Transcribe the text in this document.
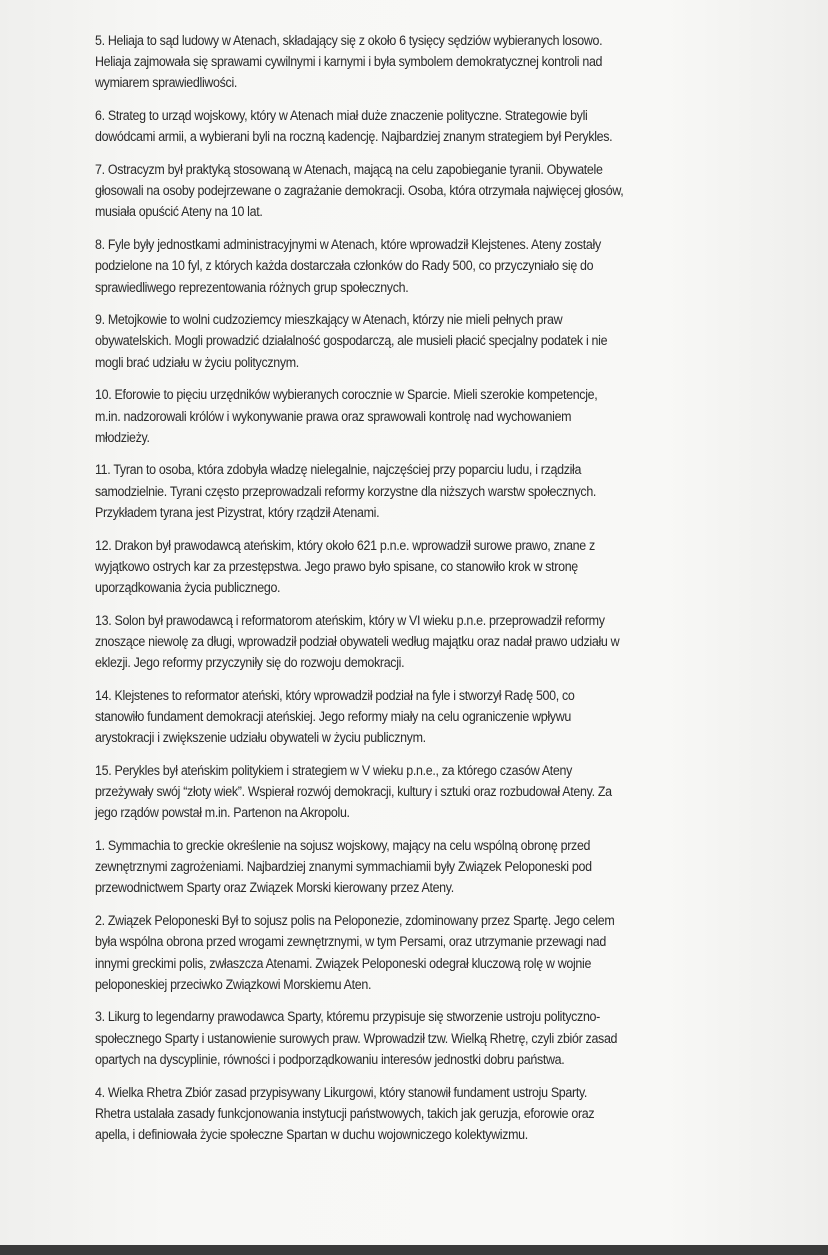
5. Heliaja to sąd ludowy w Atenach, składający się z około 6 tysięcy sędziów wybieranych losowo.
Heliaja zajmowała się sprawami cywilnymi i karnymi i była symbolem demokratycznej kontroli nad
wymiarem sprawiedliwości.

6. Strateg to urząd wojskowy, który w Atenach miał duże znaczenie polityczne. Strategowie byli
dowódcami armii, a wybierani byli na roczną kadencję. Najbardziej znanym strategiem był Perykles.

7. Ostracyzm był praktyką stosowaną w Atenach, mającą na celu zapobieganie tyranii. Obywatele
głosowali na osoby podejrzewane o zagrażanie demokracji. Osoba, która otrzymała najwięcej głosów,
musiała opuścić Ateny na 10 lat.

8. Fyle były jednostkami administracyjnymi w Atenach, które wprowadził Klejstenes. Ateny zostały
podzielone na 10 fyl, z których każda dostarczała członków do Rady 500, co przyczyniało się do
sprawiedliwego reprezentowania różnych grup społecznych.

9. Metojkowie to wolni cudzoziemcy mieszkający w Atenach, którzy nie mieli pełnych praw
obywatelskich. Mogli prowadzić działalność gospodarczą, ale musieli płacić specjalny podatek i nie
mogli brać udziału w życiu politycznym.

10. Eforowie to pięciu urzędników wybieranych corocznie w Sparcie. Mieli szerokie kompetencje,
m.in. nadzorowali królów i wykonywanie prawa oraz sprawowali kontrolę nad wychowaniem
młodzieży.

11. Tyran to osoba, która zdobyła władzę nielegalnie, najczęściej przy poparciu ludu, i rządziła
samodzielnie. Tyrani często przeprowadzali reformy korzystne dla niższych warstw społecznych.
Przykładem tyrana jest Pizystrat, który rządził Atenami.

12. Drakon był prawodawcą ateńskim, który około 621 p.n.e. wprowadził surowe prawo, znane z
wyjątkowo ostrych kar za przestępstwa. Jego prawo było spisane, co stanowiło krok w stronę
uporządkowania życia publicznego.

13. Solon był prawodawcą i reformatorom ateńskim, który w VI wieku p.n.e. przeprowadził reformy
znoszące niewolę za długi, wprowadził podział obywateli według majątku oraz nadał prawo udziału w
eklezji. Jego reformy przyczyniły się do rozwoju demokracji.

14. Klejstenes to reformator ateński, który wprowadził podział na fyle i stworzył Radę 500, co
stanowiło fundament demokracji ateńskiej. Jego reformy miały na celu ograniczenie wpływu
arystokracji i zwiększenie udziału obywateli w życiu publicznym.

15. Perykles był ateńskim politykiem i strategiem w V wieku p.n.e., za którego czasów Ateny
przeżywały swój “złoty wiek”. Wspierał rozwój demokracji, kultury i sztuki oraz rozbudował Ateny. Za
jego rządów powstał m.in. Partenon na Akropolu.

1. Symmachia to greckie określenie na sojusz wojskowy, mający na celu wspólną obronę przed
zewnętrznymi zagrożeniami. Najbardziej znanymi symmachiamii były Związek Peloponeski pod
przewodnictwem Sparty oraz Związek Morski kierowany przez Ateny.

2. Związek Peloponeski Był to sojusz polis na Peloponezie, zdominowany przez Spartę. Jego celem
była wspólna obrona przed wrogami zewnętrznymi, w tym Persami, oraz utrzymanie przewagi nad
innymi greckimi polis, zwłaszcza Atenami. Związek Peloponeski odegrał kluczową rolę w wojnie
peloponeskiej przeciwko Związkowi Morskiemu Aten.

3. Likurg to legendarny prawodawca Sparty, któremu przypisuje się stworzenie ustroju polityczno-
społecznego Sparty i ustanowienie surowych praw. Wprowadził tzw. Wielką Rhetrę, czyli zbiór zasad
opartych na dyscyplinie, równości i podporządkowaniu interesów jednostki dobru państwa.

4. Wielka Rhetra Zbiór zasad przypisywany Likurgowi, który stanowił fundament ustroju Sparty.
Rhetra ustalała zasady funkcjonowania instytucji państwowych, takich jak geruzja, eforowie oraz
apella, i definiowała życie społeczne Spartan w duchu wojowniczego kolektywizmu.
